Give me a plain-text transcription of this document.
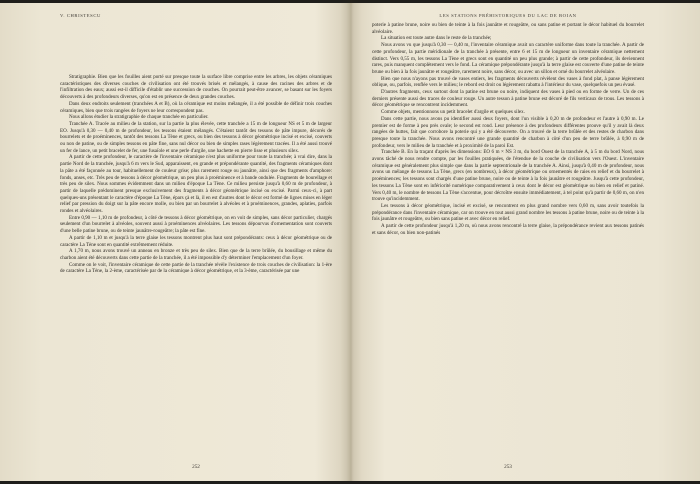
V. CHRISTESCU

Stratigraphie. Bien que les fouilles aient porté sur presque toute la surface libre comprise entre les arbres, les objets céramiques caractéristiques des diverses couches de civilisation ont été trouvés brisés et mélangés, à cause des racines des arbres et de l'infiltration des eaux; aussi est-il difficile d'établir une succession de couches. On pourrait peut-être avancer, se basant sur les foyers découverts à des profondeurs diverses, qu'on est en présence de deux grandes couches.

Dans deux endroits seulement (tranchées A et B), où la céramique est moins mélangée, il a été possible de définir trois couches céramiques, bien que trois rangées de foyers ne leur correspondent pas.

Nous allons étudier la stratigraphie de chaque tranchée en particulier.

Tranchée A. Tracée au milieu de la station, sur la partie la plus élevée, cette tranchée a 15 m de longueur NS et 5 m de largeur EO. Jusqu'à 0,30 — 0,40 m de profondeur, les tessons étaient mélangés. C'étaient tantôt des tessons de pâte impure, décorés de bourrelets et de proéminences, tantôt des tessons La Tène et grecs, ou bien des tessons à décor géométrique incisé et excisé, couverts ou non de patine, ou de simples tessons en pâte fine, sans nul décor ou bien de simples rases légèrement tracées. Il a été aussi trouvé un fer de lance, un petit bracelet de fer, une fusaïole et une perle d'argile, une hachette en pierre lisse et plusieurs silex.

A partir de cette profondeur, le caractère de l'inventaire céramique n'est plus uniforme pour toute la tranchée; à vrai dire, dans la partie Nord de la tranchée, jusqu'à 6 m vers le Sud, apparaissent, en grande et prépondérante quantité, des fragments céramiques dont la pâte a été façonnée au tour, habituellement de couleur grise; plus rarement rouge ou jaunâtre, ainsi que des fragments d'amphore: fonds, anses, etc. Très peu de tessons à décor géométrique, un peu plus à proéminence et à bande ondulée. Fragments de bourellage et très peu de silex. Nous sommes évidemment dans un milieu d'époque La Tène. Ce milieu persiste jusqu'à 0,60 m de profondeur, à partir de laquelle prédominent presque exclusivement des fragments à décor géométrique incisé ou excisé. Parmi ceux-ci, à part quelques-uns présentant le caractère d'époque La Tène, épars çà et là, il en est d'autres dont le décor est formé de lignes mises en léger relief par pression du doigt sur la pâte encore molle, ou bien par un bourrelet à alvéoles et à proéminences, grandes, aplaties, parfois rondes et alvéolaires.

Entre 0,90 — 1,10 m de profondeur, à côté de tessons à décor géométrique, on en voit de simples, sans décor particulier, chargés seulement d'un bourrelet à alvéoles, souvent aussi à proéminences alvéolaires. Les tessons dépourvus d'ornementation sont couverts d'une belle patine brune, ou de teinte jaunâtre-rougeâtre; la pâte est fine.

A partir de 1,10 m et jusqu'à la terre glaise les tessons montrent plus haut sont prépondérants: ceux à décor géométrique ou de caractère La Tène sont en quantité extrêmement réduite.

A 1,70 m, nous avons trouvé un anneau en bronze et très peu de silex. Bien que de la terre brûlée, du bousillage et même du charbon aient été découverts dans cette partie de la tranchée, il a été impossible d'y déterminer l'emplacement d'un foyer.

Comme on le voit, l'inventaire céramique de cette partie de la tranchée révèle l'existence de trois couches de civilisation: la 1-ère de caractère La Tène, la 2-ème, caractérisée par de la céramique à décor géométrique, et la 3-ème, caractérisée par une

252
LES STATIONS PRÉHISTORIQUES DU LAC DE BOIAN

poterie à patine brune, noire ou bien de teinte à la fois jaunâtre et rougeâtre, ou sans patine et portant le décor habituel du bourrelet alvéolaire.

La situation est toute autre dans le reste de la tranchée;

Nous avons vu que jusqu'à 0,30 — 0,40 m, l'inventaire céramique avait un caractère uniforme dans toute la tranchée. A partir de cette profondeur, la partie méridionale de la tranchée à présente, entre 6 et 15 m de longueur un inventaire céramique nettement distinct. Vers 0,55 m, les tessons La Tène et grecs sont en quantité un peu plus grande; à partir de cette profondeur, ils deviennent rares, puis manquent complètement vers le fond. La céramique prépondérante jusqu'à la terre glaise est couverte d'une patine de teinte brune ou bien à la fois jaunâtre et rougeâtre, rarement noire, sans décor, ou avec un sillon et orné du bourrelet alvéolaire.

Bien que nous n'ayons pas trouvé de vases entiers, les fragments découverts révèlent des vases à fond plat, à panse légèrement oblique, ou, parfois, renflée vers le milieu; le rebord est droit ou légèrement rabattu à l'intérieur du vase, quelquefois un peu évasé.

D'autres fragments, ceux surtout dont la patine est brune ou noire, indiquent des vases à pied ou en forme de verre. Un de ces derniers présente aussi des traces de couleur rouge. Un autre tesson à patine brune est décoré de fils verticaux de trous. Les tessons à décor géométrique se rencontrent incidemment.

Comme objets, mentionnons un petit bracelet d'argile et quelques silex.

Dans cette partie, nous avons pu identifier aussi deux foyers, dont l'un visible à 0,20 m de profondeur et l'autre à 0,90 m. Le premier est de forme à peu près ovale; le second est rond. Leur présence à des profondeurs différentes prouve qu'il y avait là deux rangées de huttes, fait que corrobore la poterie qui y a été découverte. On a trouvé de la terre brûlée et des restes de charbon dans presque toute la tranchée. Nous avons rencontré une grande quantité de charbon à côté d'un peu de terre brûlée, à 0,90 m de profondeur, vers le milieu de la tranchée et à proximité de la paroi Est.

Tranchée B. En la traçant d'après les dimensions: EO 6 m × NS 3 m, du bord Ouest de la tranchée A, à 5 m du bord Nord, nous avons tâché de nous rendre compte, par les fouilles pratiquées, de l'étendue de la couche de civilisation vers l'Ouest. L'inventaire céramique est généralement plus simple que dans la partie septentrionale de la tranchée A. Ainsi, jusqu'à 0,40 m de profondeur, nous avons un mélange de tessons La Tène, grecs (en nombreux), à décor géométrique ou ornementés de raies en relief et du bourrelet à proéminences; les tessons sont chargés d'une patine brune, noire ou de teinte à la fois jaunâtre et rougeâtre. Jusqu'à cette profondeur, les tessons La Tène sont en infériorité numérique comparativement à ceux dont le décor est géométrique ou bien en relief et patiné. Vers 0,40 m, le nombre de tessons La Tène s'accentue, pour décroître ensuite immédiatement, à tel point qu'à partir de 0,60 m, on n'en trouve qu'incidemment.

Les tessons à décor géométrique, incisé et excisé, se rencontrent en plus grand nombre vers 0,60 m, sans avoir toutefois la prépondérance dans l'inventaire céramique, car on trouve en tout aussi grand nombre les tessons à patine brune, noire ou de teinte à la fois jaunâtre et rougeâtre, ou bien sans patine et avec décor en relief.

A partir de cette profondeur jusqu'à 1,20 m, où nous avons rencontré la terre glaise, la prépondérance revient aux tessons patinés et sans décor, ou bien non-patinés

253
